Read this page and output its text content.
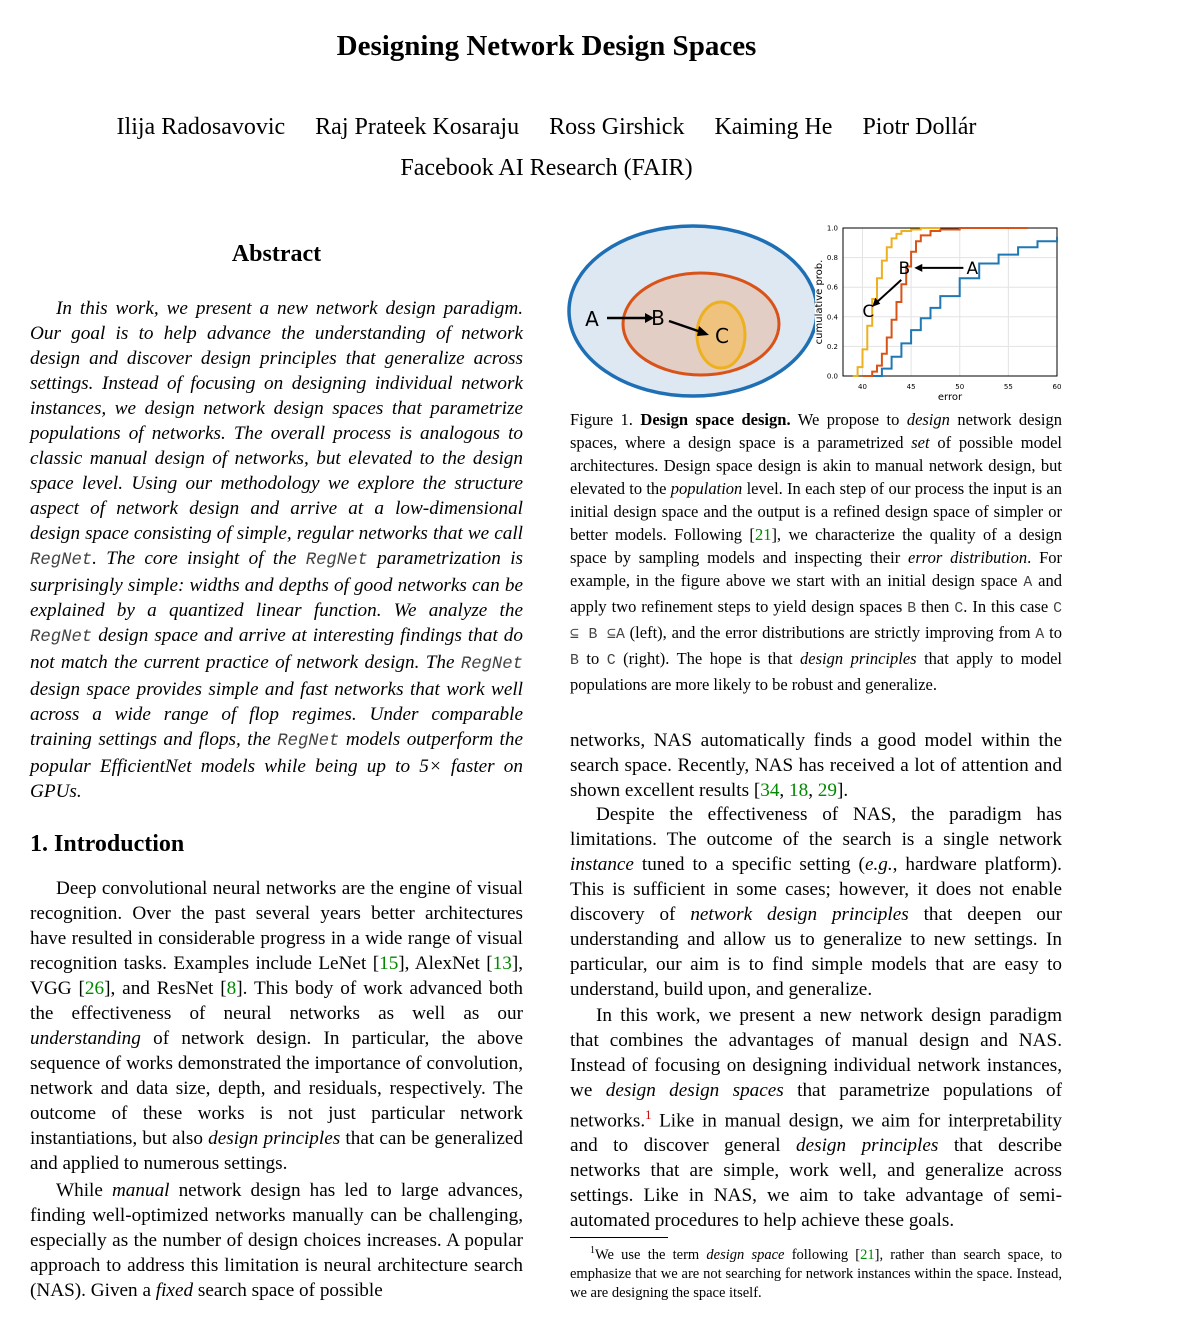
Designing Network Design Spaces
Ilija Radosavovic Raj Prateek Kosaraju Ross Girshick Kaiming He Piotr Dollár
Facebook AI Research (FAIR)
Abstract

In this work, we present a new network design paradigm. Our goal is to help advance the understanding of network design and discover design principles that generalize across settings. Instead of focusing on designing individual network instances, we design network design spaces that parametrize populations of networks. The overall process is analogous to classic manual design of networks, but elevated to the design space level. Using our methodology we explore the structure aspect of network design and arrive at a low-dimensional design space consisting of simple, regular networks that we call RegNet. The core insight of the RegNet parametrization is surprisingly simple: widths and depths of good networks can be explained by a quantized linear function. We analyze the RegNet design space and arrive at interesting findings that do not match the current practice of network design. The RegNet design space provides simple and fast networks that work well across a wide range of flop regimes. Under comparable training settings and flops, the RegNet models outperform the popular EfficientNet models while being up to 5× faster on GPUs.

1. Introduction

Deep convolutional neural networks are the engine of visual recognition. Over the past several years better architectures have resulted in considerable progress in a wide range of visual recognition tasks. Examples include LeNet [15], AlexNet [13], VGG [26], and ResNet [8]. This body of work advanced both the effectiveness of neural networks as well as our understanding of network design. In particular, the above sequence of works demonstrated the importance of convolution, network and data size, depth, and residuals, respectively. The outcome of these works is not just particular network instantiations, but also design principles that can be generalized and applied to numerous settings.

While manual network design has led to large advances, finding well-optimized networks manually can be challenging, especially as the number of design choices increases. A popular approach to address this limitation is neural architecture search (NAS). Given a fixed search space of possible

A	B
C
40	45	50	55	60
0.0
0.2
0.4
0.6
0.8
1.0
error
cumulative prob.	A
B
C

Figure 1. Design space design. We propose to design network design spaces, where a design space is a parametrized set of possible model architectures. Design space design is akin to manual network design, but elevated to the population level. In each step of our process the input is an initial design space and the output is a refined design space of simpler or better models. Following [21], we characterize the quality of a design space by sampling models and inspecting their error distribution. For example, in the figure above we start with an initial design space A and apply two refinement steps to yield design spaces B then C. In this case C ⊆ B ⊆A (left), and the error distributions are strictly improving from A to B to C (right). The hope is that design principles that apply to model populations are more likely to be robust and generalize.

networks, NAS automatically finds a good model within the search space. Recently, NAS has received a lot of attention and shown excellent results [34, 18, 29].

Despite the effectiveness of NAS, the paradigm has limitations. The outcome of the search is a single network instance tuned to a specific setting (e.g., hardware platform). This is sufficient in some cases; however, it does not enable discovery of network design principles that deepen our understanding and allow us to generalize to new settings. In particular, our aim is to find simple models that are easy to understand, build upon, and generalize.

In this work, we present a new network design paradigm that combines the advantages of manual design and NAS. Instead of focusing on designing individual network instances, we design design spaces that parametrize populations of networks.$^1$ Like in manual design, we aim for interpretability and to discover general design principles that describe networks that are simple, work well, and generalize across settings. Like in NAS, we aim to take advantage of semi-automated procedures to help achieve these goals.

$^1$We use the term design space following [21], rather than search space, to emphasize that we are not searching for network instances within the space. Instead, we are designing the space itself.
